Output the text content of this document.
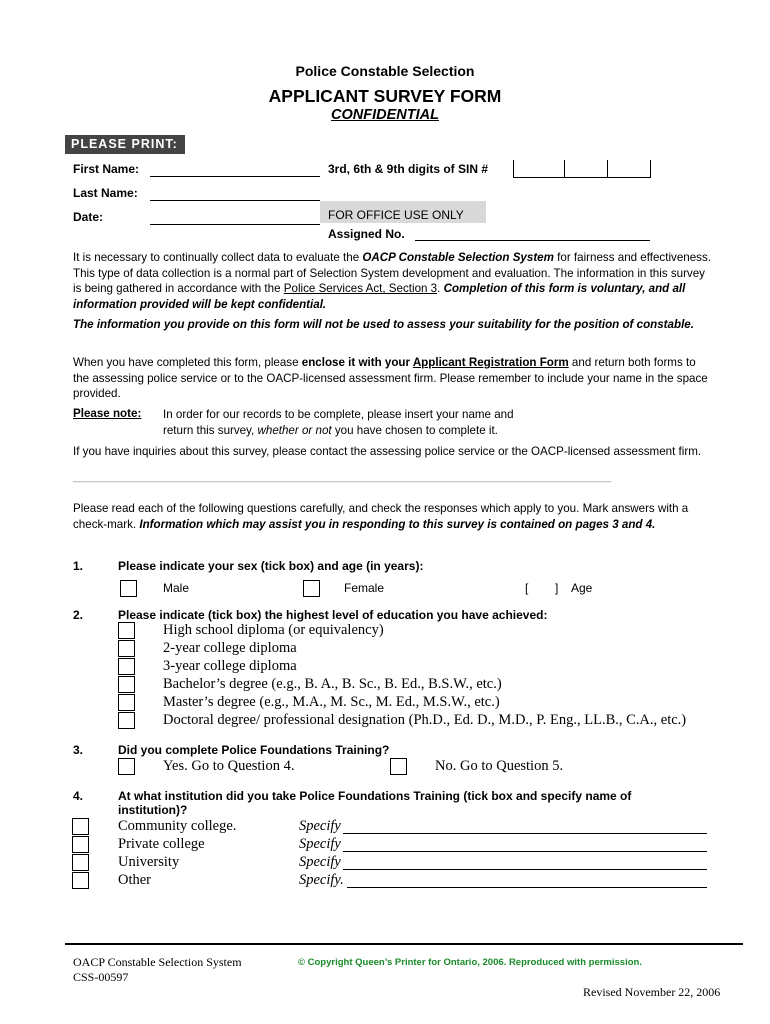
Police Constable Selection
APPLICANT SURVEY FORM
CONFIDENTIAL
PLEASE PRINT:
First Name:	3rd, 6th & 9th digits of SIN #
Last Name:
Date:	FOR OFFICE USE ONLY
Assigned No.
It is necessary to continually collect data to evaluate the OACP Constable Selection System for fairness and effectiveness. This type of data collection is a normal part of Selection System development and evaluation. The information in this survey is being gathered in accordance with the Police Services Act, Section 3. Completion of this form is voluntary, and all information provided will be kept confidential.
The information you provide on this form will not be used to assess your suitability for the position of constable.
When you have completed this form, please enclose it with your Applicant Registration Form and return both forms to the assessing police service or to the OACP-licensed assessment firm. Please remember to include your name in the space provided.
Please note: In order for our records to be complete, please insert your name and
return this survey, whether or not you have chosen to complete it.
If you have inquiries about this survey, please contact the assessing police service or the OACP-licensed assessment firm.
________________________________________________________________________________________
Please read each of the following questions carefully, and check the responses which apply to you. Mark answers with a check-mark. Information which may assist you in responding to this survey is contained on pages 3 and 4.
1.	Please indicate your sex (tick box) and age (in years):
Male	Female	[ ] Age
2.	Please indicate (tick box) the highest level of education you have achieved:
High school diploma (or equivalency)
2-year college diploma
3-year college diploma
Bachelor’s degree (e.g., B. A., B. Sc., B. Ed., B.S.W., etc.)
Master’s degree (e.g., M.A., M. Sc., M. Ed., M.S.W., etc.)
Doctoral degree/ professional designation (Ph.D., Ed. D., M.D., P. Eng., LL.B., C.A., etc.)
3.	Did you complete Police Foundations Training?
Yes. Go to Question 4.	No. Go to Question 5.
4.	At what institution did you take Police Foundations Training (tick box and specify name of institution)?
Community college.	Specify
Private college	Specify
University	Specify
Other	Specify.
OACP Constable Selection System
CSS-00597
© Copyright Queen’s Printer for Ontario, 2006. Reproduced with permission.
Revised November 22, 2006
